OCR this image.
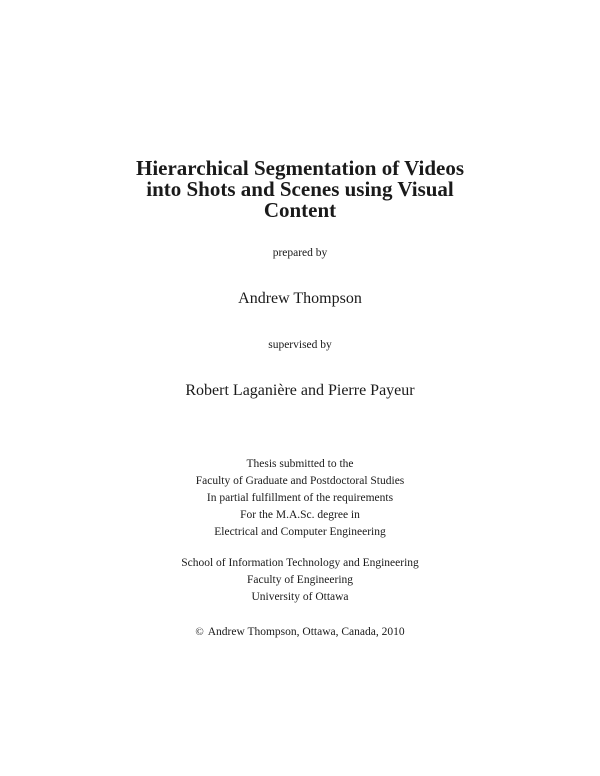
Hierarchical Segmentation of Videos
into Shots and Scenes using Visual
Content
prepared by
Andrew Thompson
supervised by
Robert Laganière and Pierre Payeur
Thesis submitted to the
Faculty of Graduate and Postdoctoral Studies
In partial fulfillment of the requirements
For the M.A.Sc. degree in
Electrical and Computer Engineering
School of Information Technology and Engineering
Faculty of Engineering
University of Ottawa
© Andrew Thompson, Ottawa, Canada, 2010
